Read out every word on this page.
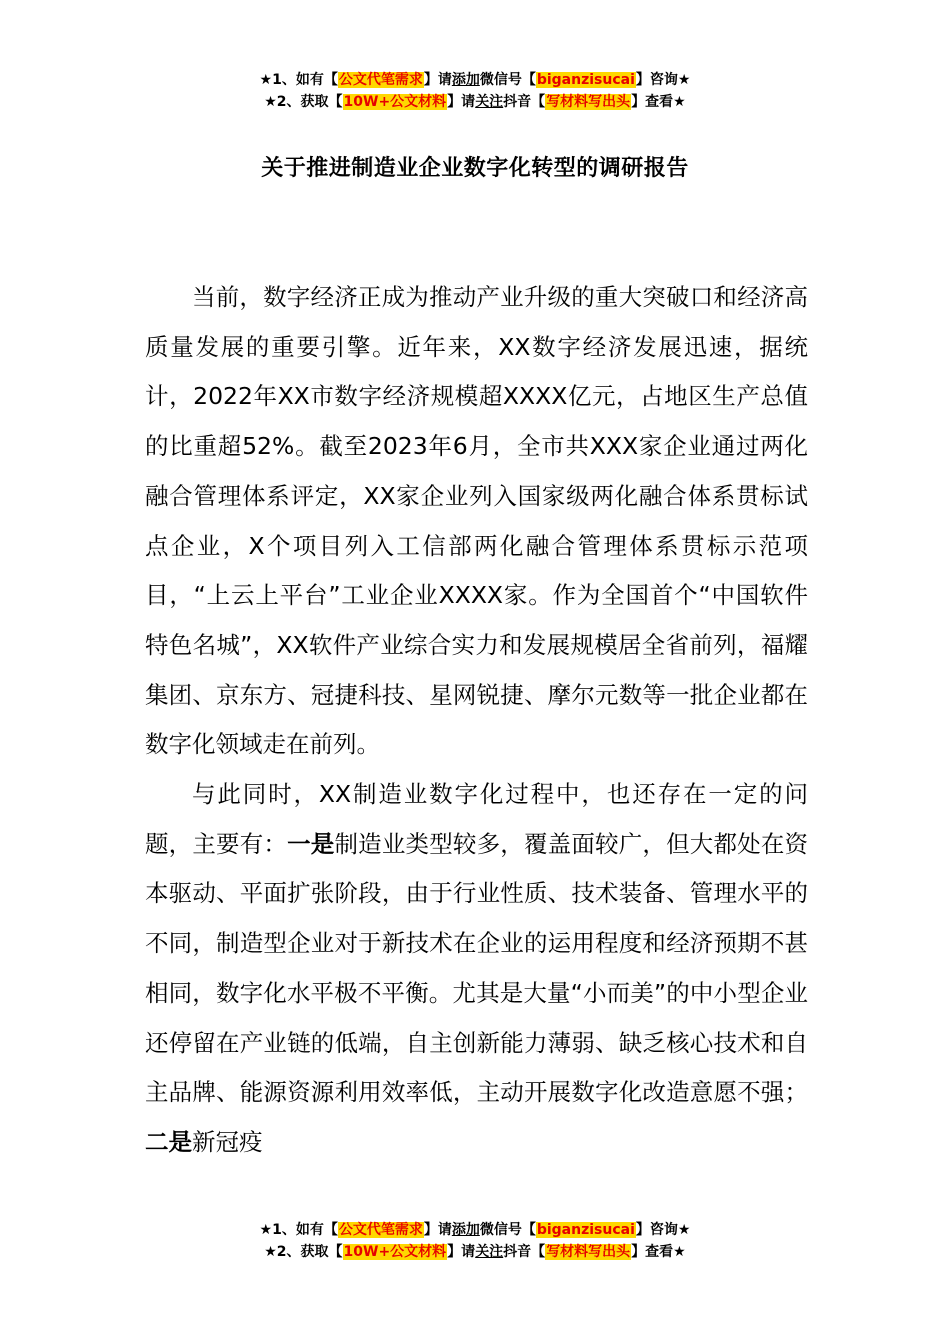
★1、如有【公文代笔需求】请添加微信号【biganzisucai】咨询★
★2、获取【10W+公文材料】请关注抖音【写材料写出头】查看★
关于推进制造业企业数字化转型的调研报告

当前，数字经济正成为推动产业升级的重大突破口和经济高质量发展的重要引擎。近年来，XX数字经济发展迅速，据统计，2022年XX市数字经济规模超XXXX亿元，占地区生产总值的比重超52%。截至2023年6月，全市共XXX家企业通过两化融合管理体系评定，XX家企业列入国家级两化融合体系贯标试点企业，X个项目列入工信部两化融合管理体系贯标示范项目，“上云上平台”工业企业XXXX家。作为全国首个“中国软件特色名城”，XX软件产业综合实力和发展规模居全省前列，福耀集团、京东方、冠捷科技、星网锐捷、摩尔元数等一批企业都在数字化领域走在前列。

与此同时，XX制造业数字化过程中，也还存在一定的问题，主要有：一是制造业类型较多，覆盖面较广，但大都处在资本驱动、平面扩张阶段，由于行业性质、技术装备、管理水平的不同，制造型企业对于新技术在企业的运用程度和经济预期不甚相同，数字化水平极不平衡。尤其是大量“小而美”的中小型企业还停留在产业链的低端，自主创新能力薄弱、缺乏核心技术和自主品牌、能源资源利用效率低，主动开展数字化改造意愿不强；二是新冠疫

★1、如有【公文代笔需求】请添加微信号【biganzisucai】咨询★
★2、获取【10W+公文材料】请关注抖音【写材料写出头】查看★
